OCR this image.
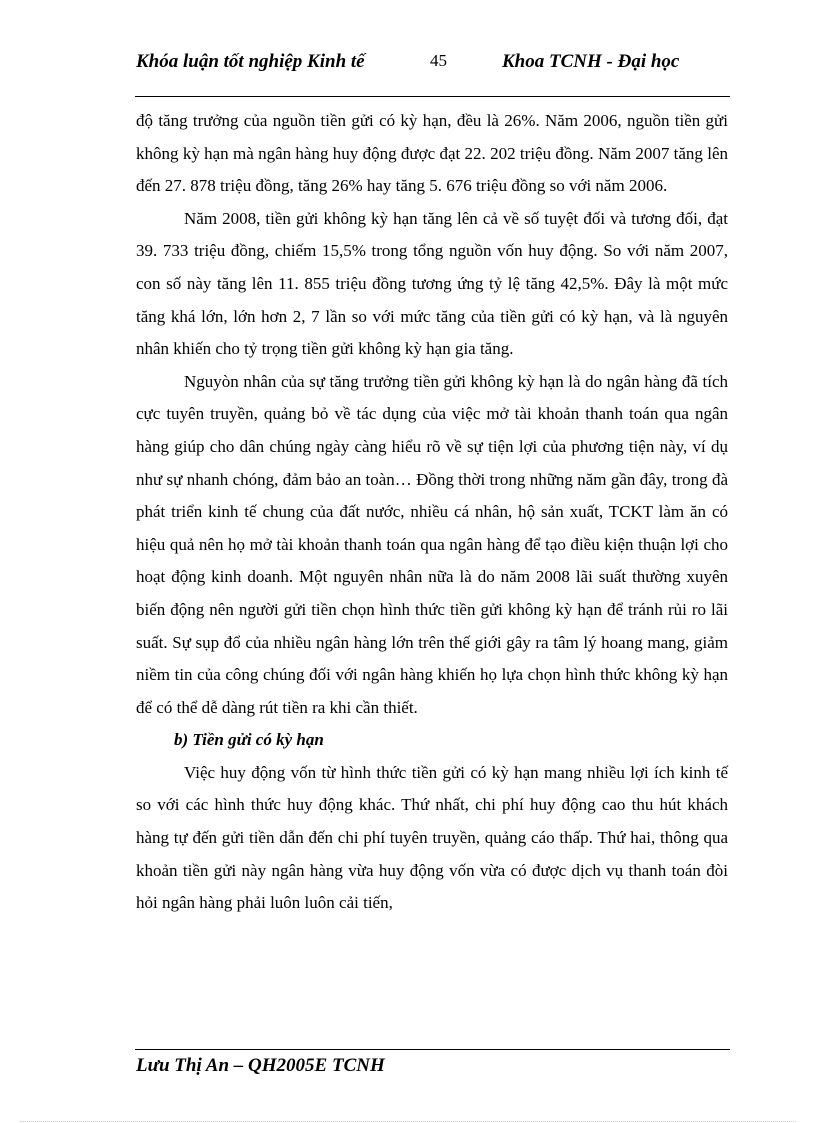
Khóa luận tốt nghiệp Kinh tế	45	Khoa TCNH - Đại học

độ tăng trưởng của nguồn tiền gửi có kỳ hạn, đều là 26%. Năm 2006, nguồn tiền gửi không kỳ hạn mà ngân hàng huy động được đạt 22. 202 triệu đồng. Năm 2007 tăng lên đến 27. 878 triệu đồng, tăng 26% hay tăng 5. 676 triệu đồng so với năm 2006.

Năm 2008, tiền gửi không kỳ hạn tăng lên cả về số tuyệt đối và tương đối, đạt 39. 733 triệu đồng, chiếm 15,5% trong tổng nguồn vốn huy động. So với năm 2007, con số này tăng lên 11. 855 triệu đồng tương ứng tỷ lệ tăng 42,5%. Đây là một mức tăng khá lớn, lớn hơn 2, 7 lần so với mức tăng của tiền gửi có kỳ hạn, và là nguyên nhân khiến cho tỷ trọng tiền gửi không kỳ hạn gia tăng.

Nguyòn nhân của sự tăng trưởng tiền gửi không kỳ hạn là do ngân hàng đã tích cực tuyên truyền, quảng bỏ về tác dụng của việc mở tài khoản thanh toán qua ngân hàng giúp cho dân chúng ngày càng hiểu rõ về sự tiện lợi của phương tiện này, ví dụ như sự nhanh chóng, đảm bảo an toàn… Đồng thời trong những năm gần đây, trong đà phát triển kinh tế chung của đất nước, nhiều cá nhân, hộ sản xuất, TCKT làm ăn có hiệu quả nên họ mở tài khoản thanh toán qua ngân hàng để tạo điều kiện thuận lợi cho hoạt động kinh doanh. Một nguyên nhân nữa là do năm 2008 lãi suất thường xuyên biến động nên người gửi tiền chọn hình thức tiền gửi không kỳ hạn để tránh rủi ro lãi suất. Sự sụp đổ của nhiều ngân hàng lớn trên thế giới gây ra tâm lý hoang mang, giảm niềm tin của công chúng đối với ngân hàng khiến họ lựa chọn hình thức không kỳ hạn để có thể dễ dàng rút tiền ra khi cần thiết.

b) Tiền gửi có kỳ hạn

Việc huy động vốn từ hình thức tiền gửi có kỳ hạn mang nhiều lợi ích kinh tế so với các hình thức huy động khác. Thứ nhất, chi phí huy động cao thu hút khách hàng tự đến gửi tiền dẫn đến chi phí tuyên truyền, quảng cáo thấp. Thứ hai, thông qua khoản tiền gửi này ngân hàng vừa huy động vốn vừa có được dịch vụ thanh toán đòi hỏi ngân hàng phải luôn luôn cải tiến,

Lưu Thị An – QH2005E TCNH
